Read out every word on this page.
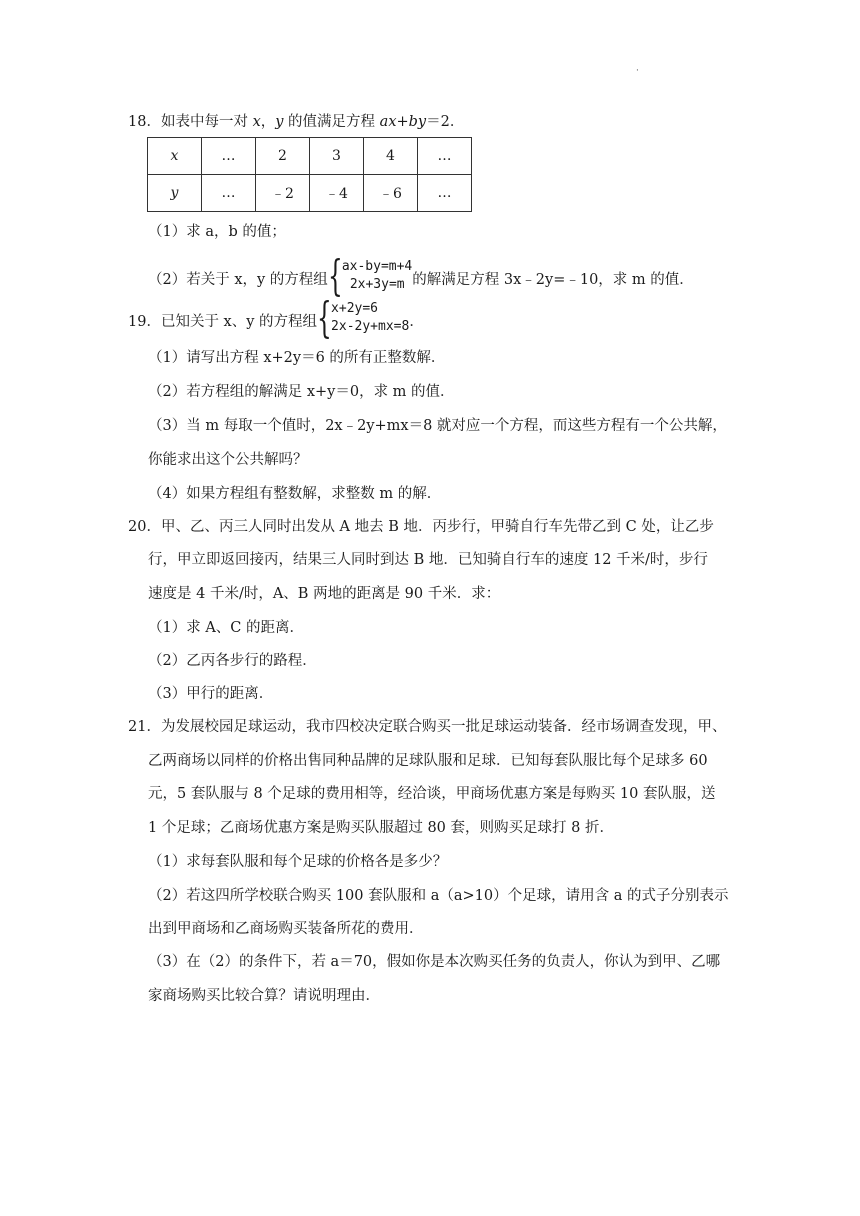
·
18．如表中每一对 x，y 的值满足方程 ax+by＝2．
x	…	2	3	4	…
y	…	﹣2	﹣4	﹣6	…
（1）求 a，b 的值；
（2）若关于 x，y 的方程组 { ax-by=m+4
2x+3y=m 的解满足方程 3x﹣2y=﹣10，求 m 的值．
19．已知关于 x、y 的方程组 { x+2y=6
2x-2y+mx=8 ．
（1）请写出方程 x+2y＝6 的所有正整数解．
（2）若方程组的解满足 x+y＝0，求 m 的值．
（3）当 m 每取一个值时，2x﹣2y+mx＝8 就对应一个方程，而这些方程有一个公共解，
你能求出这个公共解吗？
（4）如果方程组有整数解，求整数 m 的解．
20．甲、乙、丙三人同时出发从 A 地去 B 地．丙步行，甲骑自行车先带乙到 C 处，让乙步
行，甲立即返回接丙，结果三人同时到达 B 地．已知骑自行车的速度 12 千米/时，步行
速度是 4 千米/时，A、B 两地的距离是 90 千米．求：
（1）求 A、C 的距离．
（2）乙丙各步行的路程．
（3）甲行的距离．
21．为发展校园足球运动，我市四校决定联合购买一批足球运动装备．经市场调查发现，甲、
乙两商场以同样的价格出售同种品牌的足球队服和足球．已知每套队服比每个足球多 60
元，5 套队服与 8 个足球的费用相等，经洽谈，甲商场优惠方案是每购买 10 套队服，送
1 个足球；乙商场优惠方案是购买队服超过 80 套，则购买足球打 8 折．
（1）求每套队服和每个足球的价格各是多少？
（2）若这四所学校联合购买 100 套队服和 a（a>10）个足球，请用含 a 的式子分别表示
出到甲商场和乙商场购买装备所花的费用．
（3）在（2）的条件下，若 a＝70，假如你是本次购买任务的负责人，你认为到甲、乙哪
家商场购买比较合算？请说明理由．
